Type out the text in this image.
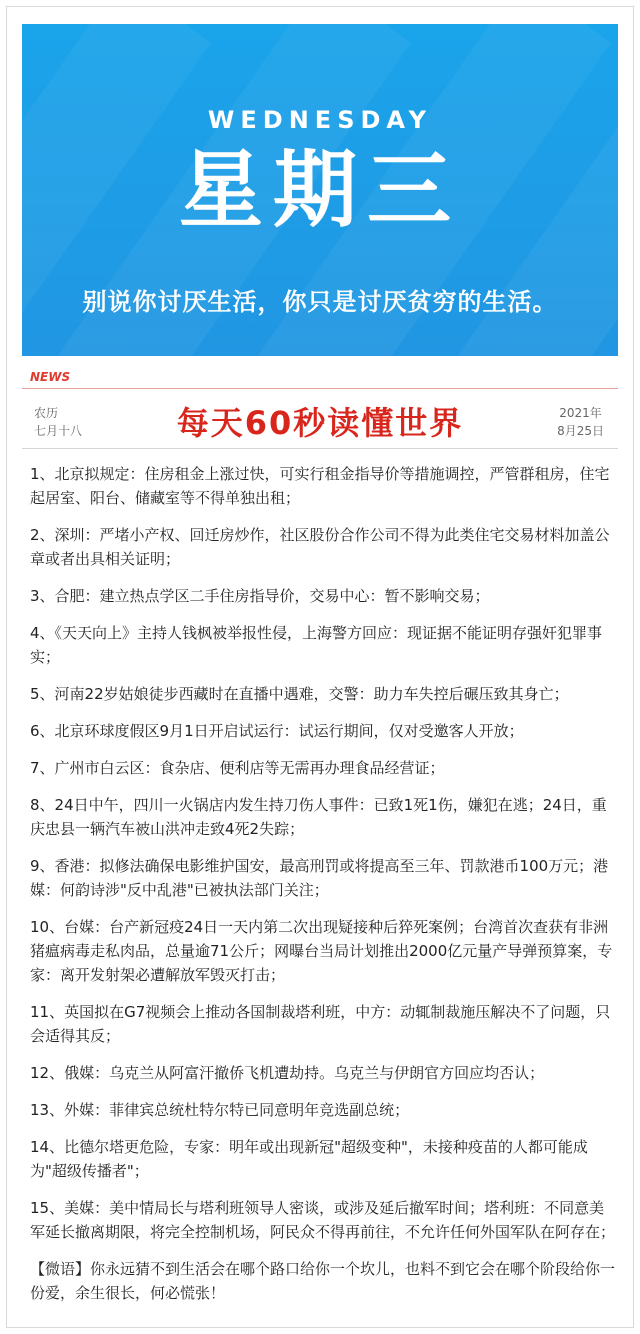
WEDNESDAY
星期三
别说你讨厌生活，你只是讨厌贫穷的生活。
NEWS
农历
七月十八	每天60秒读懂世界	2021年
8月25日

1、北京拟规定：住房租金上涨过快，可实行租金指导价等措施调控，严管群租房，住宅起居室、阳台、储藏室等不得单独出租；

2、深圳：严堵小产权、回迁房炒作，社区股份合作公司不得为此类住宅交易材料加盖公章或者出具相关证明；

3、合肥：建立热点学区二手住房指导价，交易中心：暂不影响交易；

4、《天天向上》主持人钱枫被举报性侵，上海警方回应：现证据不能证明存强奸犯罪事实；

5、河南22岁姑娘徒步西藏时在直播中遇难，交警：助力车失控后碾压致其身亡；

6、北京环球度假区9月1日开启试运行：试运行期间，仅对受邀客人开放；

7、广州市白云区：食杂店、便利店等无需再办理食品经营证；

8、24日中午，四川一火锅店内发生持刀伤人事件：已致1死1伤，嫌犯在逃；24日，重庆忠县一辆汽车被山洪冲走致4死2失踪；

9、香港：拟修法确保电影维护国安，最高刑罚或将提高至三年、罚款港币100万元；港媒：何韵诗涉"反中乱港"已被执法部门关注；

10、台媒：台产新冠疫24日一天内第二次出现疑接种后猝死案例；台湾首次查获有非洲猪瘟病毒走私肉品，总量逾71公斤；网曝台当局计划推出2000亿元量产导弹预算案，专家：离开发射架必遭解放军毁灭打击；

11、英国拟在G7视频会上推动各国制裁塔利班，中方：动辄制裁施压解决不了问题，只会适得其反；

12、俄媒：乌克兰从阿富汗撤侨飞机遭劫持。乌克兰与伊朗官方回应均否认；

13、外媒：菲律宾总统杜特尔特已同意明年竞选副总统；

14、比德尔塔更危险，专家：明年或出现新冠"超级变种"，未接种疫苗的人都可能成为"超级传播者"；

15、美媒：美中情局长与塔利班领导人密谈，或涉及延后撤军时间；塔利班：不同意美军延长撤离期限，将完全控制机场，阿民众不得再前往，不允许任何外国军队在阿存在；

【微语】你永远猜不到生活会在哪个路口给你一个坎儿，也料不到它会在哪个阶段给你一份爱，余生很长，何必慌张！
